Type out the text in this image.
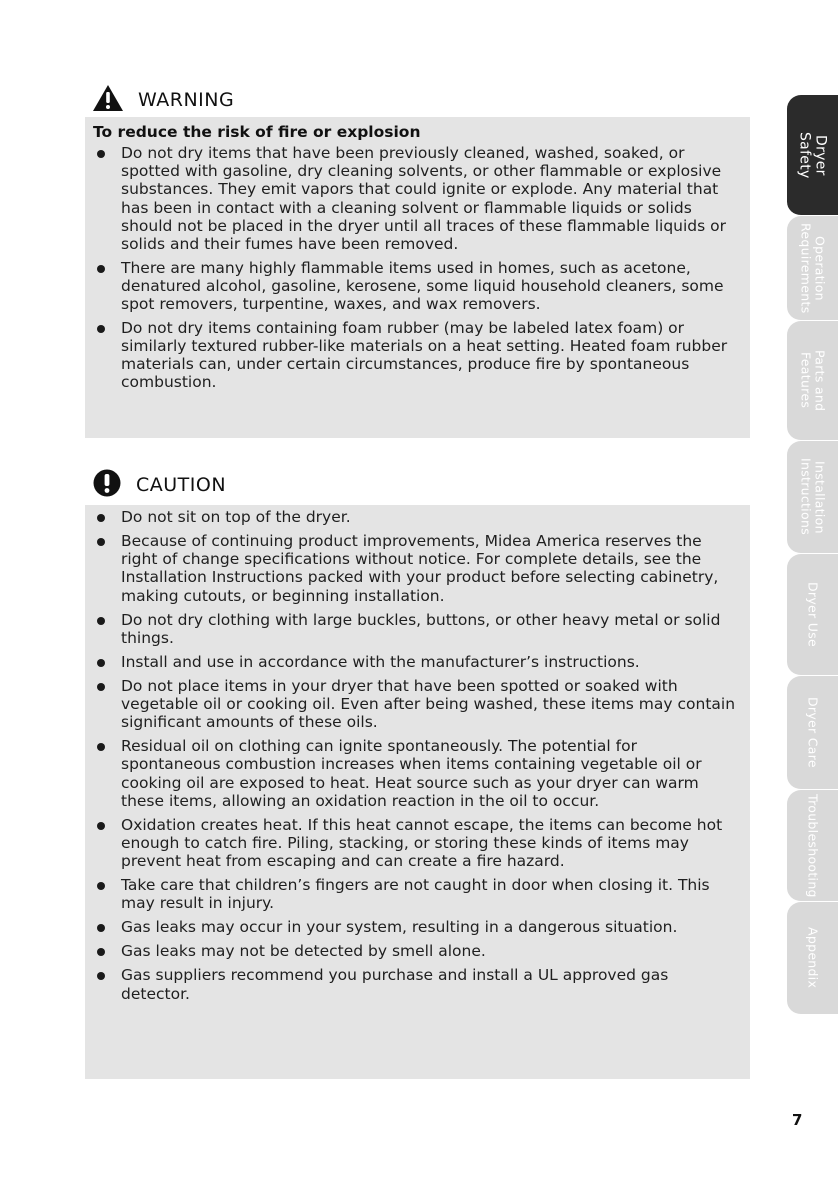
WARNING
To reduce the risk of fire or explosion
Do not dry items that have been previously cleaned, washed, soaked, or spotted with gasoline, dry cleaning solvents, or other flammable or explosive substances. They emit vapors that could ignite or explode. Any material that has been in contact with a cleaning solvent or flammable liquids or solids should not be placed in the dryer until all traces of these flammable liquids or solids and their fumes have been removed.
There are many highly flammable items used in homes, such as acetone, denatured alcohol, gasoline, kerosene, some liquid household cleaners, some spot removers, turpentine, waxes, and wax removers.
Do not dry items containing foam rubber (may be labeled latex foam) or similarly textured rubber-like materials on a heat setting. Heated foam rubber materials can, under certain circumstances, produce fire by spontaneous combustion.
CAUTION
Do not sit on top of the dryer.
Because of continuing product improvements, Midea America reserves the right of change specifications without notice. For complete details, see the Installation Instructions packed with your product before selecting cabinetry, making cutouts, or beginning installation.
Do not dry clothing with large buckles, buttons, or other heavy metal or solid things.
Install and use in accordance with the manufacturer’s instructions.
Do not place items in your dryer that have been spotted or soaked with vegetable oil or cooking oil. Even after being washed, these items may contain significant amounts of these oils.
Residual oil on clothing can ignite spontaneously. The potential for spontaneous combustion increases when items containing vegetable oil or cooking oil are exposed to heat. Heat source such as your dryer can warm these items, allowing an oxidation reaction in the oil to occur.
Oxidation creates heat. If this heat cannot escape, the items can become hot enough to catch fire. Piling, stacking, or storing these kinds of items may prevent heat from escaping and can create a fire hazard.
Take care that children’s fingers are not caught in door when closing it. This may result in injury.
Gas leaks may occur in your system, resulting in a dangerous situation.
Gas leaks may not be detected by smell alone.
Gas suppliers recommend you purchase and install a UL approved gas detector.
Dryer
Safety
Operation
Requirements
Parts and
Features
Installation
Instructions
Dryer Use
Dryer Care
Troubleshooting
Appendix
7
